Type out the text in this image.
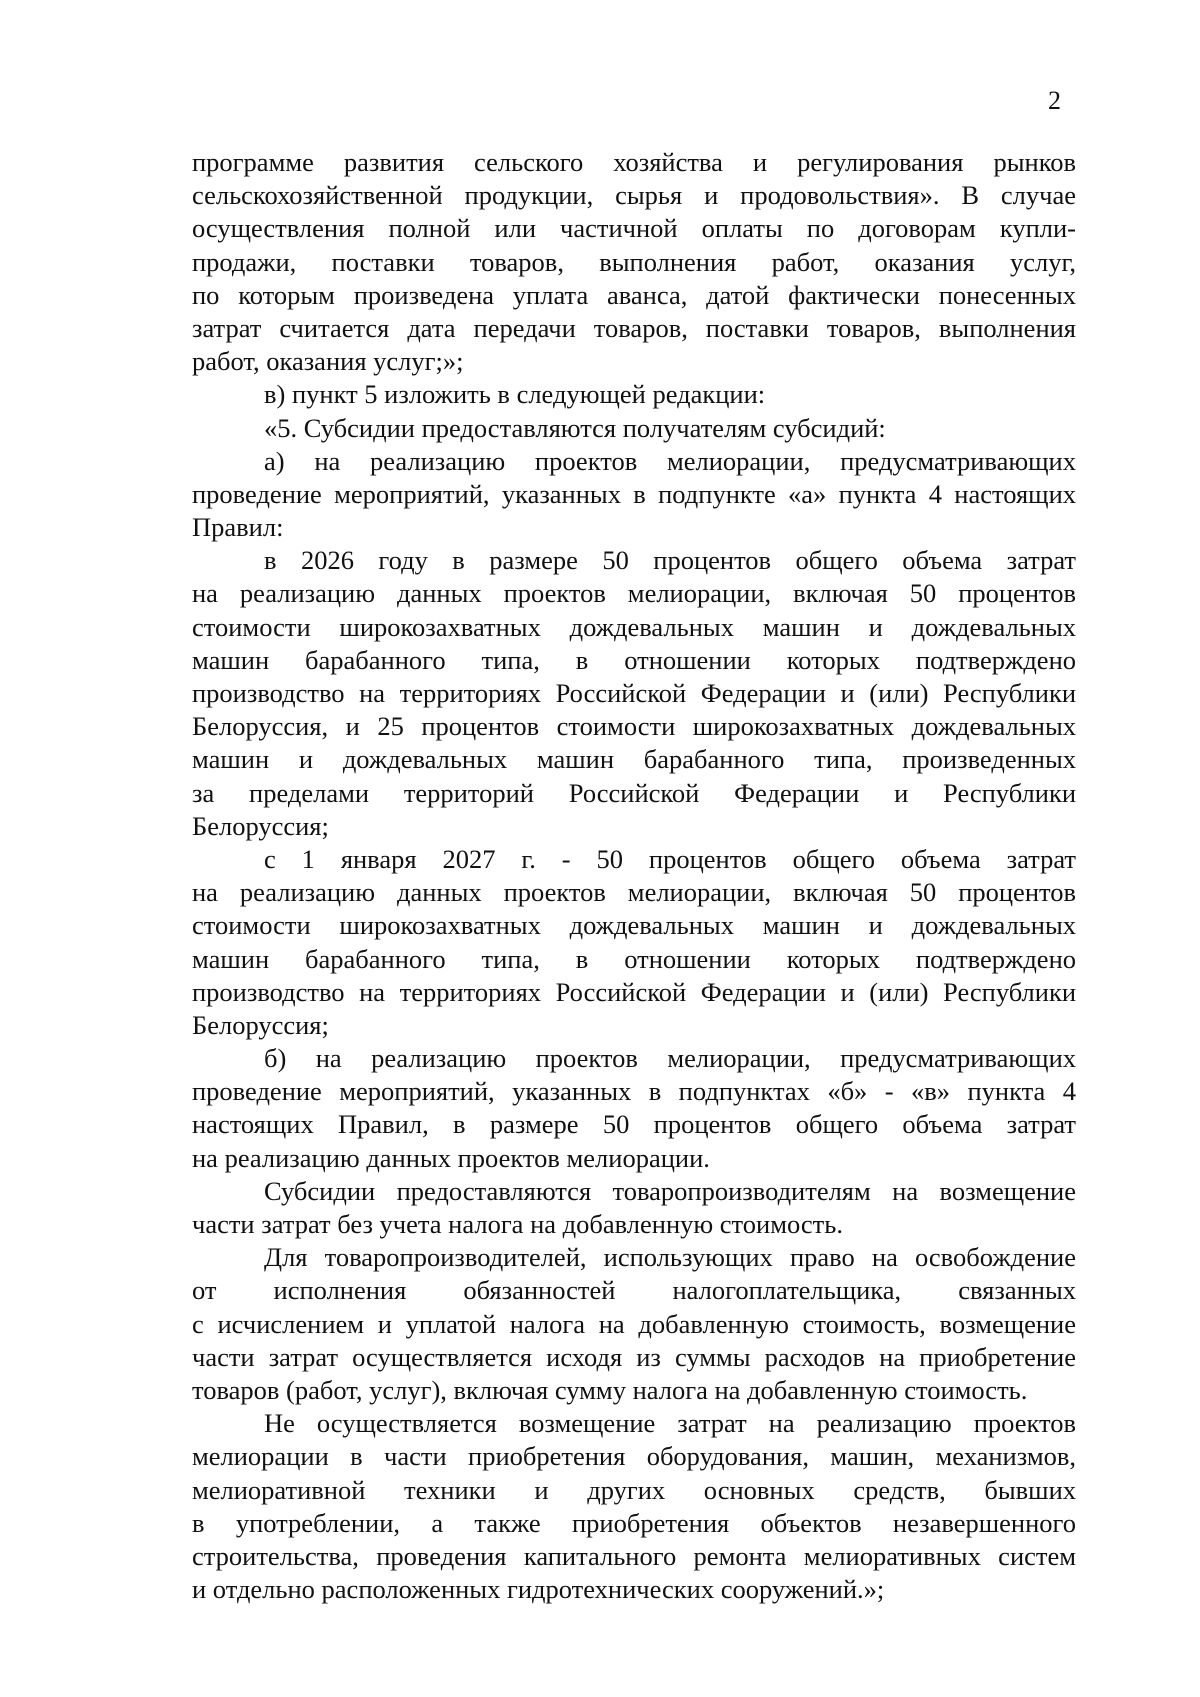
2
программе развития сельского хозяйства и регулирования рынков
сельскохозяйственной продукции, сырья и продовольствия». В случае
осуществления полной или частичной оплаты по договорам купли-
продажи, поставки товаров, выполнения работ, оказания услуг,
по которым произведена уплата аванса, датой фактически понесенных
затрат считается дата передачи товаров, поставки товаров, выполнения
работ, оказания услуг;»;
в) пункт 5 изложить в следующей редакции:
«5. Субсидии предоставляются получателям субсидий:
а) на реализацию проектов мелиорации, предусматривающих
проведение мероприятий, указанных в подпункте «а» пункта 4 настоящих
Правил:
в 2026 году в размере 50 процентов общего объема затрат
на реализацию данных проектов мелиорации, включая 50 процентов
стоимости широкозахватных дождевальных машин и дождевальных
машин барабанного типа, в отношении которых подтверждено
производство на территориях Российской Федерации и (или) Республики
Белоруссия, и 25 процентов стоимости широкозахватных дождевальных
машин и дождевальных машин барабанного типа, произведенных
за пределами территорий Российской Федерации и Республики
Белоруссия;
с 1 января 2027 г. - 50 процентов общего объема затрат
на реализацию данных проектов мелиорации, включая 50 процентов
стоимости широкозахватных дождевальных машин и дождевальных
машин барабанного типа, в отношении которых подтверждено
производство на территориях Российской Федерации и (или) Республики
Белоруссия;
б) на реализацию проектов мелиорации, предусматривающих
проведение мероприятий, указанных в подпунктах «б» - «в» пункта 4
настоящих Правил, в размере 50 процентов общего объема затрат
на реализацию данных проектов мелиорации.
Субсидии предоставляются товаропроизводителям на возмещение
части затрат без учета налога на добавленную стоимость.
Для товаропроизводителей, использующих право на освобождение
от исполнения обязанностей налогоплательщика, связанных
с исчислением и уплатой налога на добавленную стоимость, возмещение
части затрат осуществляется исходя из суммы расходов на приобретение
товаров (работ, услуг), включая сумму налога на добавленную стоимость.
Не осуществляется возмещение затрат на реализацию проектов
мелиорации в части приобретения оборудования, машин, механизмов,
мелиоративной техники и других основных средств, бывших
в употреблении, а также приобретения объектов незавершенного
строительства, проведения капитального ремонта мелиоративных систем
и отдельно расположенных гидротехнических сооружений.»;
